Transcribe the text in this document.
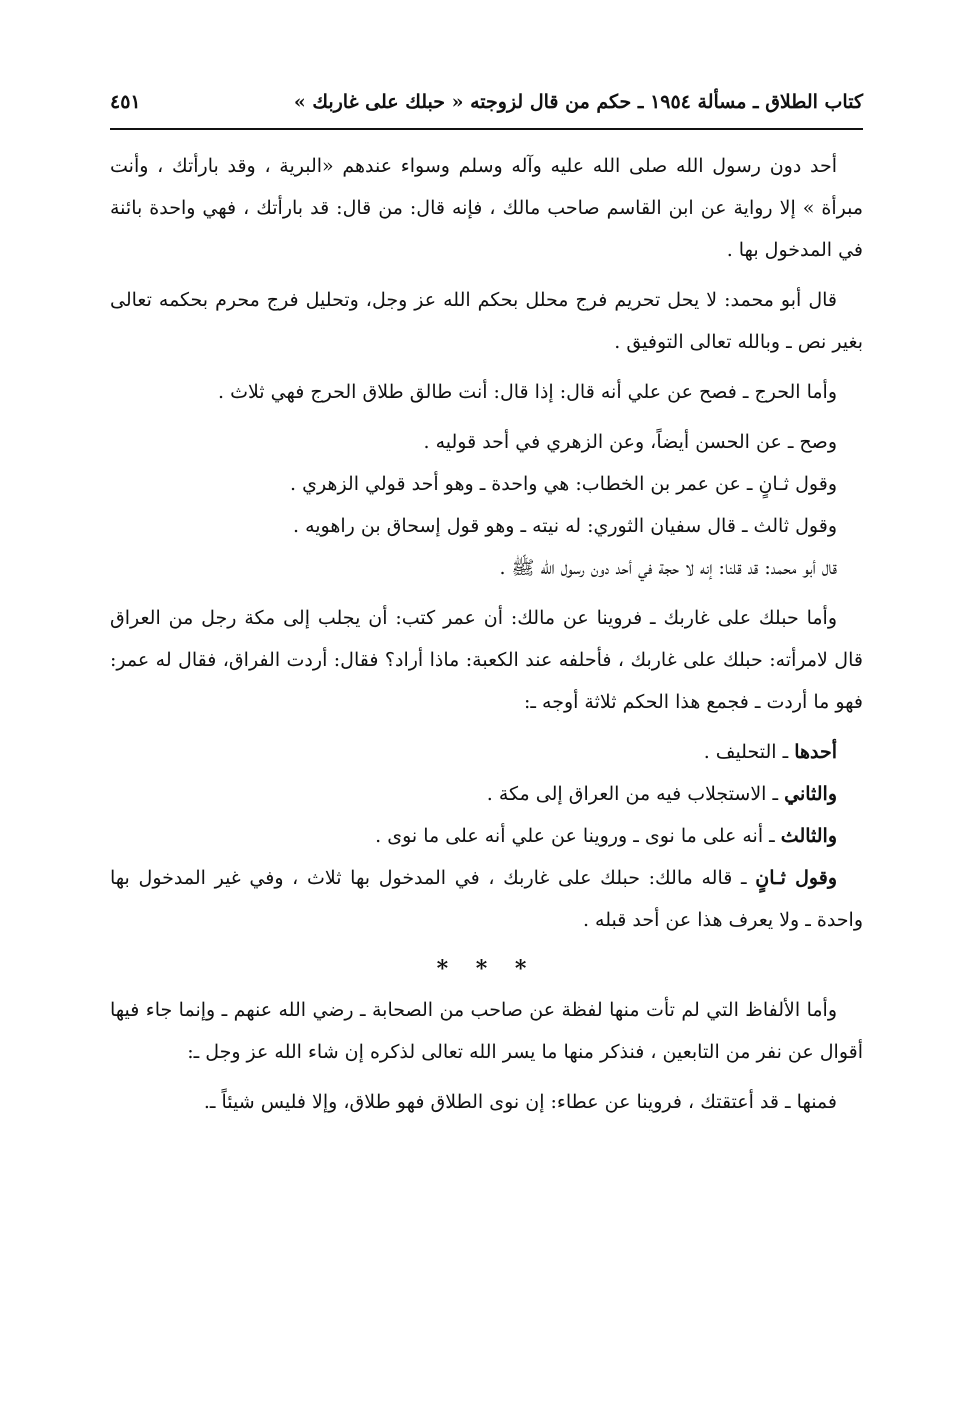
كتاب الطلاق ـ مسألة ١٩٥٤ ـ حكم من قال لزوجته « حبلك على غاربك »
٤٥١

أحد دون رسول الله صلى الله عليه وآله وسلم وسواء عندهم «البرية ، وقد بارأتك ، وأنت مبرأة » إلا رواية عن ابن القاسم صاحب مالك ، فإنه قال: من قال: قد بارأتك ، فهي واحدة بائنة في المدخول بها .

قال أبو محمد: لا يحل تحريم فرج محلل بحكم الله عز وجل، وتحليل فرج محرم بحكمه تعالى بغير نص ـ وبالله تعالى التوفيق .

وأما الحرج ـ فصح عن علي أنه قال: إذا قال: أنت طالق طلاق الحرج فهي ثلاث .

وصح ـ عن الحسن أيضاً، وعن الزهري في أحد قوليه .

وقول ثـانٍ ـ عن عمر بن الخطاب: هي واحدة ـ وهو أحد قولي الزهري .

وقول ثالث ـ قال سفيان الثوري: له نيته ـ وهو قول إسحاق بن راهويه .

قال أبو محمد: قد قلنا: إنه لا حجة في أحد دون رسول الله ﷺ .

وأما حبلك على غاربك ـ فروينا عن مالك: أن عمر كتب: أن يجلب إلى مكة رجل من العراق قال لامرأته: حبلك على غاربك ، فأحلفه عند الكعبة: ماذا أراد؟ فقال: أردت الفراق، فقال له عمر: فهو ما أردت ـ فجمع هذا الحكم ثلاثة أوجه ـ:

أحدها ـ التحليف .

والثاني ـ الاستجلاب فيه من العراق إلى مكة .

والثالث ـ أنه على ما نوى ـ وروينا عن علي أنه على ما نوى .

وقول ثـانٍ ـ قاله مالك: حبلك على غاربك ، في المدخول بها ثلاث ، وفي غير المدخول بها واحدة ـ ولا يعرف هذا عن أحد قبله .

* * *

وأما الألفاظ التي لم تأت منها لفظة عن صاحب من الصحابة ـ رضي الله عنهم ـ وإنما جاء فيها أقوال عن نفر من التابعين ، فنذكر منها ما يسر الله تعالى لذكره إن شاء الله عز وجل ـ:

فمنها ـ قد أعتقتك ، فروينا عن عطاء: إن نوى الطلاق فهو طلاق، وإلا فليس شيئاً ـ.
